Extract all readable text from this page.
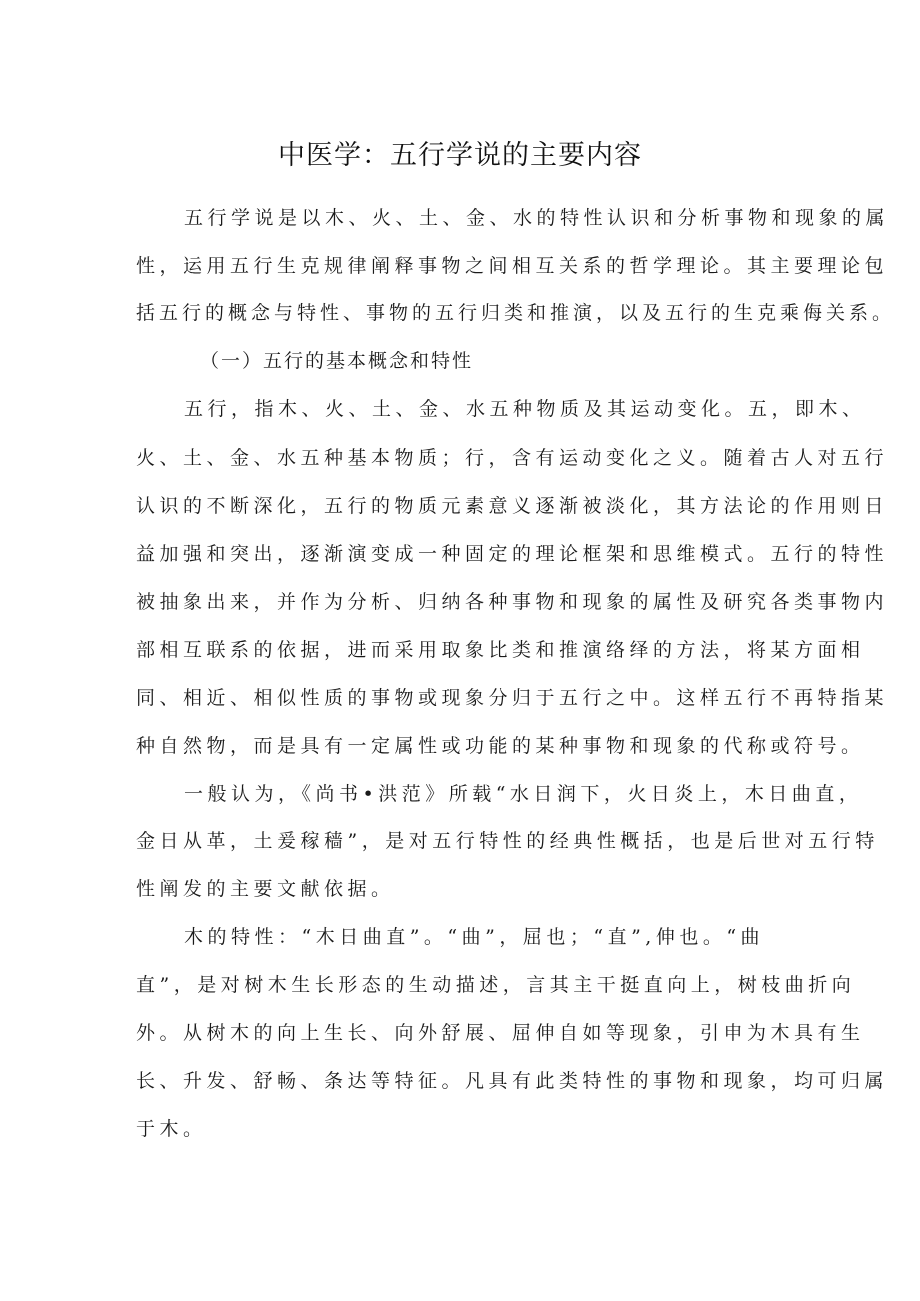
中医学：五行学说的主要内容

五行学说是以木、火、土、金、水的特性认识和分析事物和现象的属

性，运用五行生克规律阐释事物之间相互关系的哲学理论。其主要理论包

括五行的概念与特性、事物的五行归类和推演，以及五行的生克乘侮关系。

（一）五行的基本概念和特性

五行，指木、火、土、金、水五种物质及其运动变化。五，即木、

火、土、金、水五种基本物质；行，含有运动变化之义。随着古人对五行

认识的不断深化，五行的物质元素意义逐渐被淡化，其方法论的作用则日

益加强和突出，逐渐演变成一种固定的理论框架和思维模式。五行的特性

被抽象出来，并作为分析、归纳各种事物和现象的属性及研究各类事物内

部相互联系的依据，进而采用取象比类和推演络绎的方法，将某方面相

同、相近、相似性质的事物或现象分归于五行之中。这样五行不再特指某

种自然物，而是具有一定属性或功能的某种事物和现象的代称或符号。

一般认为，《尚书•洪范》所载“水日润下，火日炎上，木日曲直，

金日从革，土爰稼穑”，是对五行特性的经典性概括，也是后世对五行特

性阐发的主要文献依据。

木的特性：“木日曲直”。“曲”，屈也；“直”,伸也。“曲

直”，是对树木生长形态的生动描述，言其主干挺直向上，树枝曲折向

外。从树木的向上生长、向外舒展、屈伸自如等现象，引申为木具有生

长、升发、舒畅、条达等特征。凡具有此类特性的事物和现象，均可归属

于木。
